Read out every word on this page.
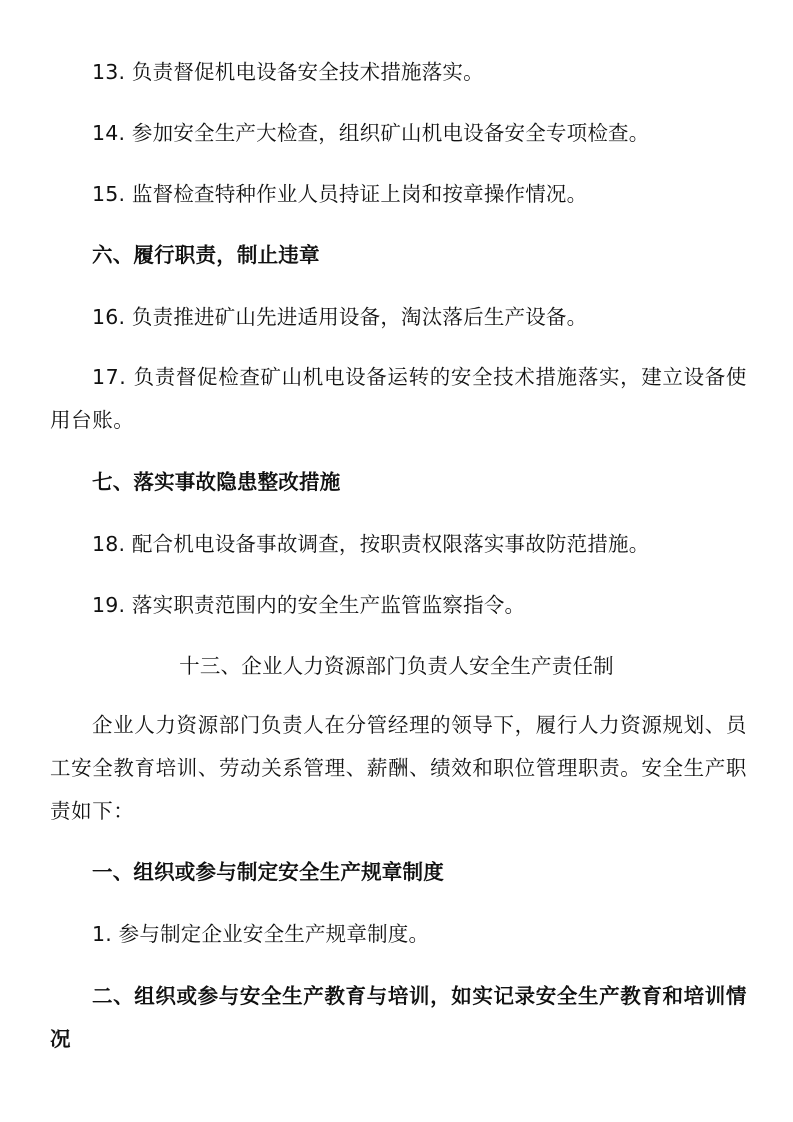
13. 负责督促机电设备安全技术措施落实。
14. 参加安全生产大检查，组织矿山机电设备安全专项检查。
15. 监督检查特种作业人员持证上岗和按章操作情况。
六、履行职责，制止违章
16. 负责推进矿山先进适用设备，淘汰落后生产设备。
17. 负责督促检查矿山机电设备运转的安全技术措施落实，建立设备使用台账。
七、落实事故隐患整改措施
18. 配合机电设备事故调查，按职责权限落实事故防范措施。
19. 落实职责范围内的安全生产监管监察指令。
十三、企业人力资源部门负责人安全生产责任制
企业人力资源部门负责人在分管经理的领导下，履行人力资源规划、员工安全教育培训、劳动关系管理、薪酬、绩效和职位管理职责。安全生产职责如下：
一、组织或参与制定安全生产规章制度
1. 参与制定企业安全生产规章制度。
二、组织或参与安全生产教育与培训，如实记录安全生产教育和培训情况
